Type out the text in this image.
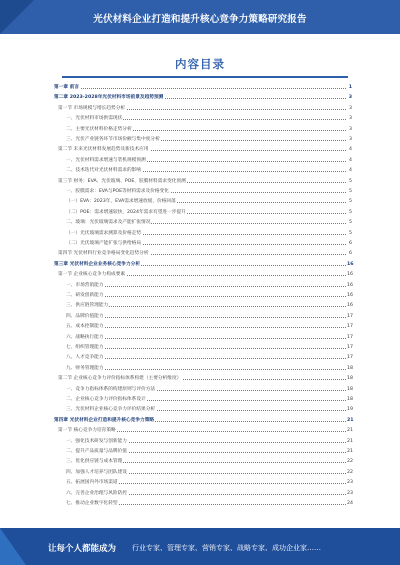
光伏材料企业打造和提升核心竞争力策略研究报告
内容目录
第一章 前言	1
第二章 2023-2028年光伏材料市场前景及趋势预测	3
第一节 市场规模与增长趋势分析	3
一、光伏材料市场供需现状	3
二、主要光伏材料价格走势分析	3
三、光伏产业链各环节市场份额与集中度分析	3
第二节 未来光伏材料发展趋势及新技术应用	4
一、光伏材料需求增速与装机规模预测	4
二、技术迭代对光伏材料需求的影响	4
第三节 财务：EVA、光伏玻璃、POE、胶膜材料需求变化预测	5
一、胶膜需求：EVA与POE等材料需求及价格变化	5
（一）EVA：2023年，EVA需求增速放缓，价格回落	5
（二）POE：需求增速较快，2024年需求有望进一步提升	5
二、玻璃：光伏玻璃需求及产能扩张情况	5
（一）光伏玻璃需求测算及价格走势	5
（二）光伏玻璃产能扩张与供给格局	6
第四节 光伏材料行业竞争格局变化趋势分析	6
第三章 光伏材料企业业务核心竞争力分析	16
第一节 企业核心竞争力构成要素	16
一、市场营销能力	16
二、研发创新能力	16
三、供应链管理能力	16
四、品牌价值能力	17
五、成本控制能力	17
六、战略执行能力	17
七、组织管理能力	17
八、人才竞争能力	17
九、财务管理能力	18
第二节 企业核心竞争力评价指标体系构建（主要分析维度）	18
一、竞争力指标体系的构建原则与评价方法	18
二、企业核心竞争力评价指标体系设计	18
三、光伏材料企业核心竞争力评价结果分析	19
第四章 光伏材料企业打造和提升核心竞争力策略	21
第一节 核心竞争力培育策略	21
一、强化技术研发与创新能力	21
二、提升产品质量与品牌价值	21
三、优化供应链与成本管理	22
四、加强人才培养与团队建设	22
五、拓展国内外市场渠道	23
六、完善企业治理与风险防控	23
七、推动企业数字化转型	24
让每个人都能成为 行业专家、管理专家、营销专家、战略专家、成功企业家……
